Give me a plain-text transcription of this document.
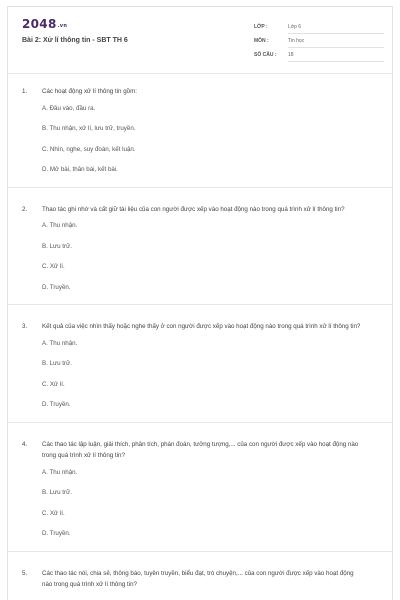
2048.vn
Bài 2: Xử lí thông tin - SBT TH 6
LỚP :	Lớp 6
MÔN :	Tin học
SỐ CÂU : 18
1.	Các hoạt động xử lí thông tin gồm:
A. Đầu vào, đầu ra.
B. Thu nhận, xử lí, lưu trữ, truyền.
C. Nhìn, nghe, suy đoán, kết luận.
D. Mở bài, thân bài, kết bài.
2.	Thao tác ghi nhớ và cất giữ tài liệu của con người được xếp vào hoạt động nào trong quá trình xử lí thông tin?
A. Thu nhận.
B. Lưu trữ.
C. Xử lí.
D. Truyền.
3.	Kết quả của việc nhìn thấy hoặc nghe thấy ở con người được xếp vào hoạt động nào trong quá trình xử lí thông tin?
A. Thu nhận.
B. Lưu trữ.
C. Xử lí.
D. Truyền.
4.	Các thao tác lập luận, giải thích, phân tích, phán đoán, tưởng tượng,... của con người được xếp vào hoạt động nào trong quá trình xử lí thông tin?
A. Thu nhận.
B. Lưu trữ.
C. Xử lí.
D. Truyền.
5.	Các thao tác nói, chia sẻ, thông báo, tuyên truyền, biểu đạt, trò chuyện,... của con người được xếp vào hoạt động nào trong quá trình xử lí thông tin?
